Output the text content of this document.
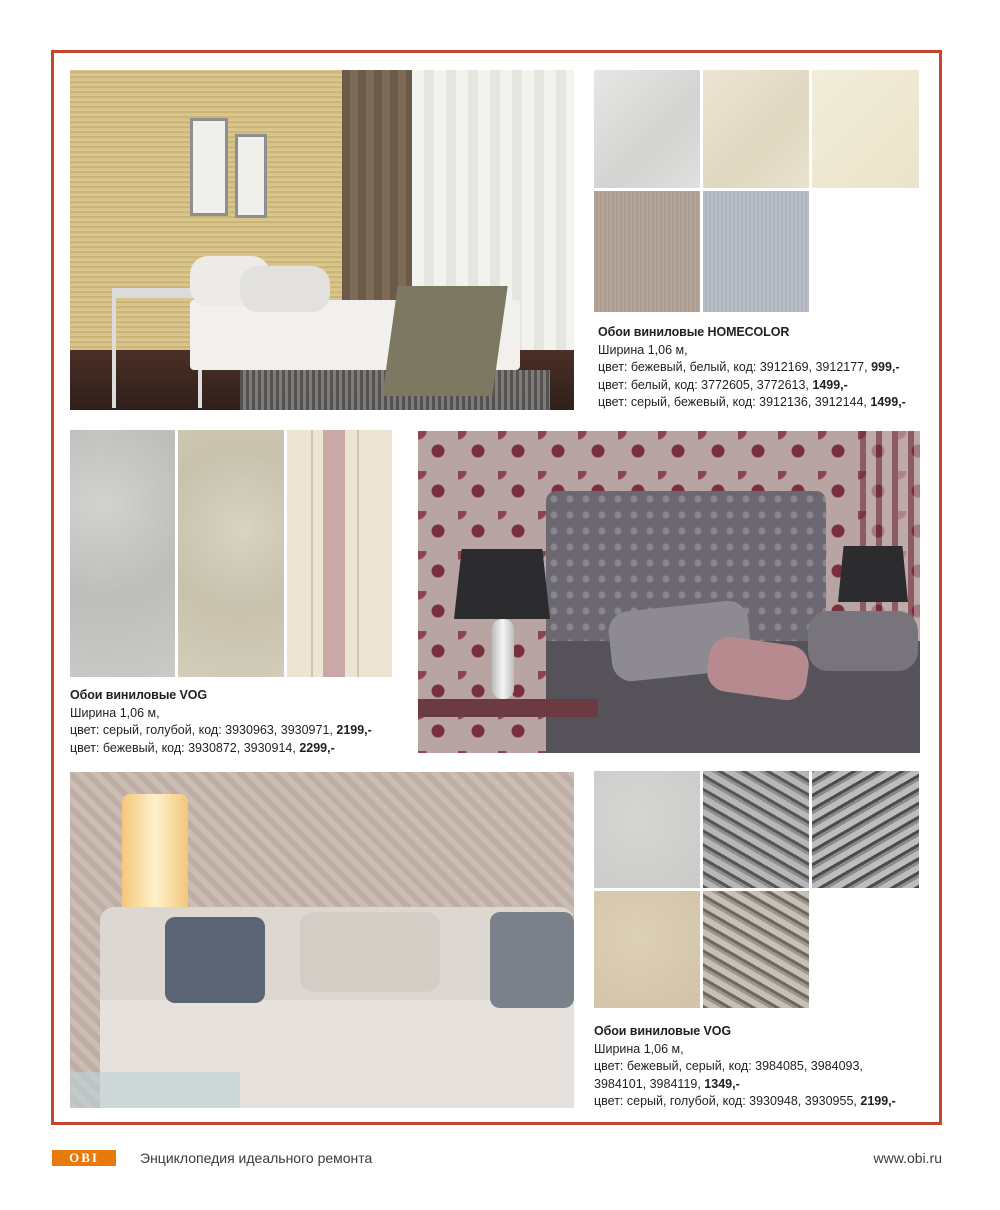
Обои виниловые HOMECOLOR
Ширина 1,06 м,
цвет: бежевый, белый, код: 3912169, 3912177, 999,-
цвет: белый, код: 3772605, 3772613, 1499,-
цвет: серый, бежевый, код: 3912136, 3912144, 1499,-
Обои виниловые VOG
Ширина 1,06 м,
цвет: серый, голубой, код: 3930963, 3930971, 2199,-
цвет: бежевый, код: 3930872, 3930914, 2299,-
Обои виниловые VOG
Ширина 1,06 м,
цвет: бежевый, серый, код: 3984085, 3984093,
3984101, 3984119, 1349,-
цвет: серый, голубой, код: 3930948, 3930955, 2199,-
OBI	Энциклопедия идеального ремонта	www.obi.ru
